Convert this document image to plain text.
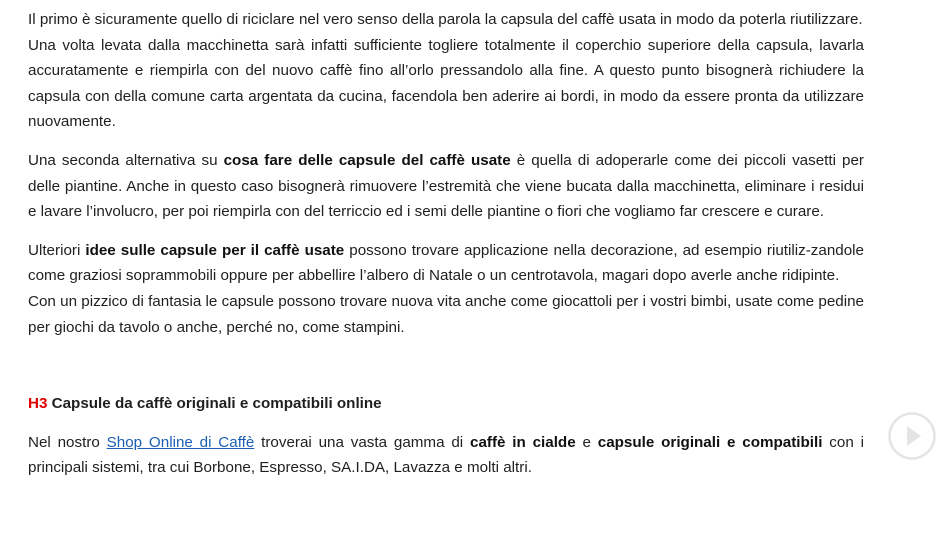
Il primo è sicuramente quello di riciclare nel vero senso della parola la capsula del caffè usata in modo da poterla riutilizzare.

Una volta levata dalla macchinetta sarà infatti sufficiente togliere totalmente il coperchio superiore della capsula, lavarla accuratamente e riempirla con del nuovo caffè fino all’orlo pressandolo alla fine. A questo punto bisognerà richiudere la capsula con della comune carta argentata da cucina, facendola ben aderire ai bordi, in modo da essere pronta da utilizzare nuovamente.

Una seconda alternativa su cosa fare delle capsule del caffè usate è quella di adoperarle come dei piccoli vasetti per delle piantine. Anche in questo caso bisognerà rimuovere l’estremità che viene bucata dalla macchinetta, eliminare i residui e lavare l’involucro, per poi riempirla con del terriccio ed i semi delle piantine o fiori che vogliamo far crescere e curare.

Ulteriori idee sulle capsule per il caffè usate possono trovare applicazione nella decorazione, ad esempio riutiliz-zandole come graziosi soprammobili oppure per abbellire l’albero di Natale o un centrotavola, magari dopo averle anche ridipinte.

Con un pizzico di fantasia le capsule possono trovare nuova vita anche come giocattoli per i vostri bimbi, usate come pedine per giochi da tavolo o anche, perché no, come stampini.

H3 Capsule da caffè originali e compatibili online

Nel nostro Shop Online di Caffè troverai una vasta gamma di caffè in cialde e capsule originali e compatibili con i principali sistemi, tra cui Borbone, Espresso, SA.I.DA, Lavazza e molti altri.
